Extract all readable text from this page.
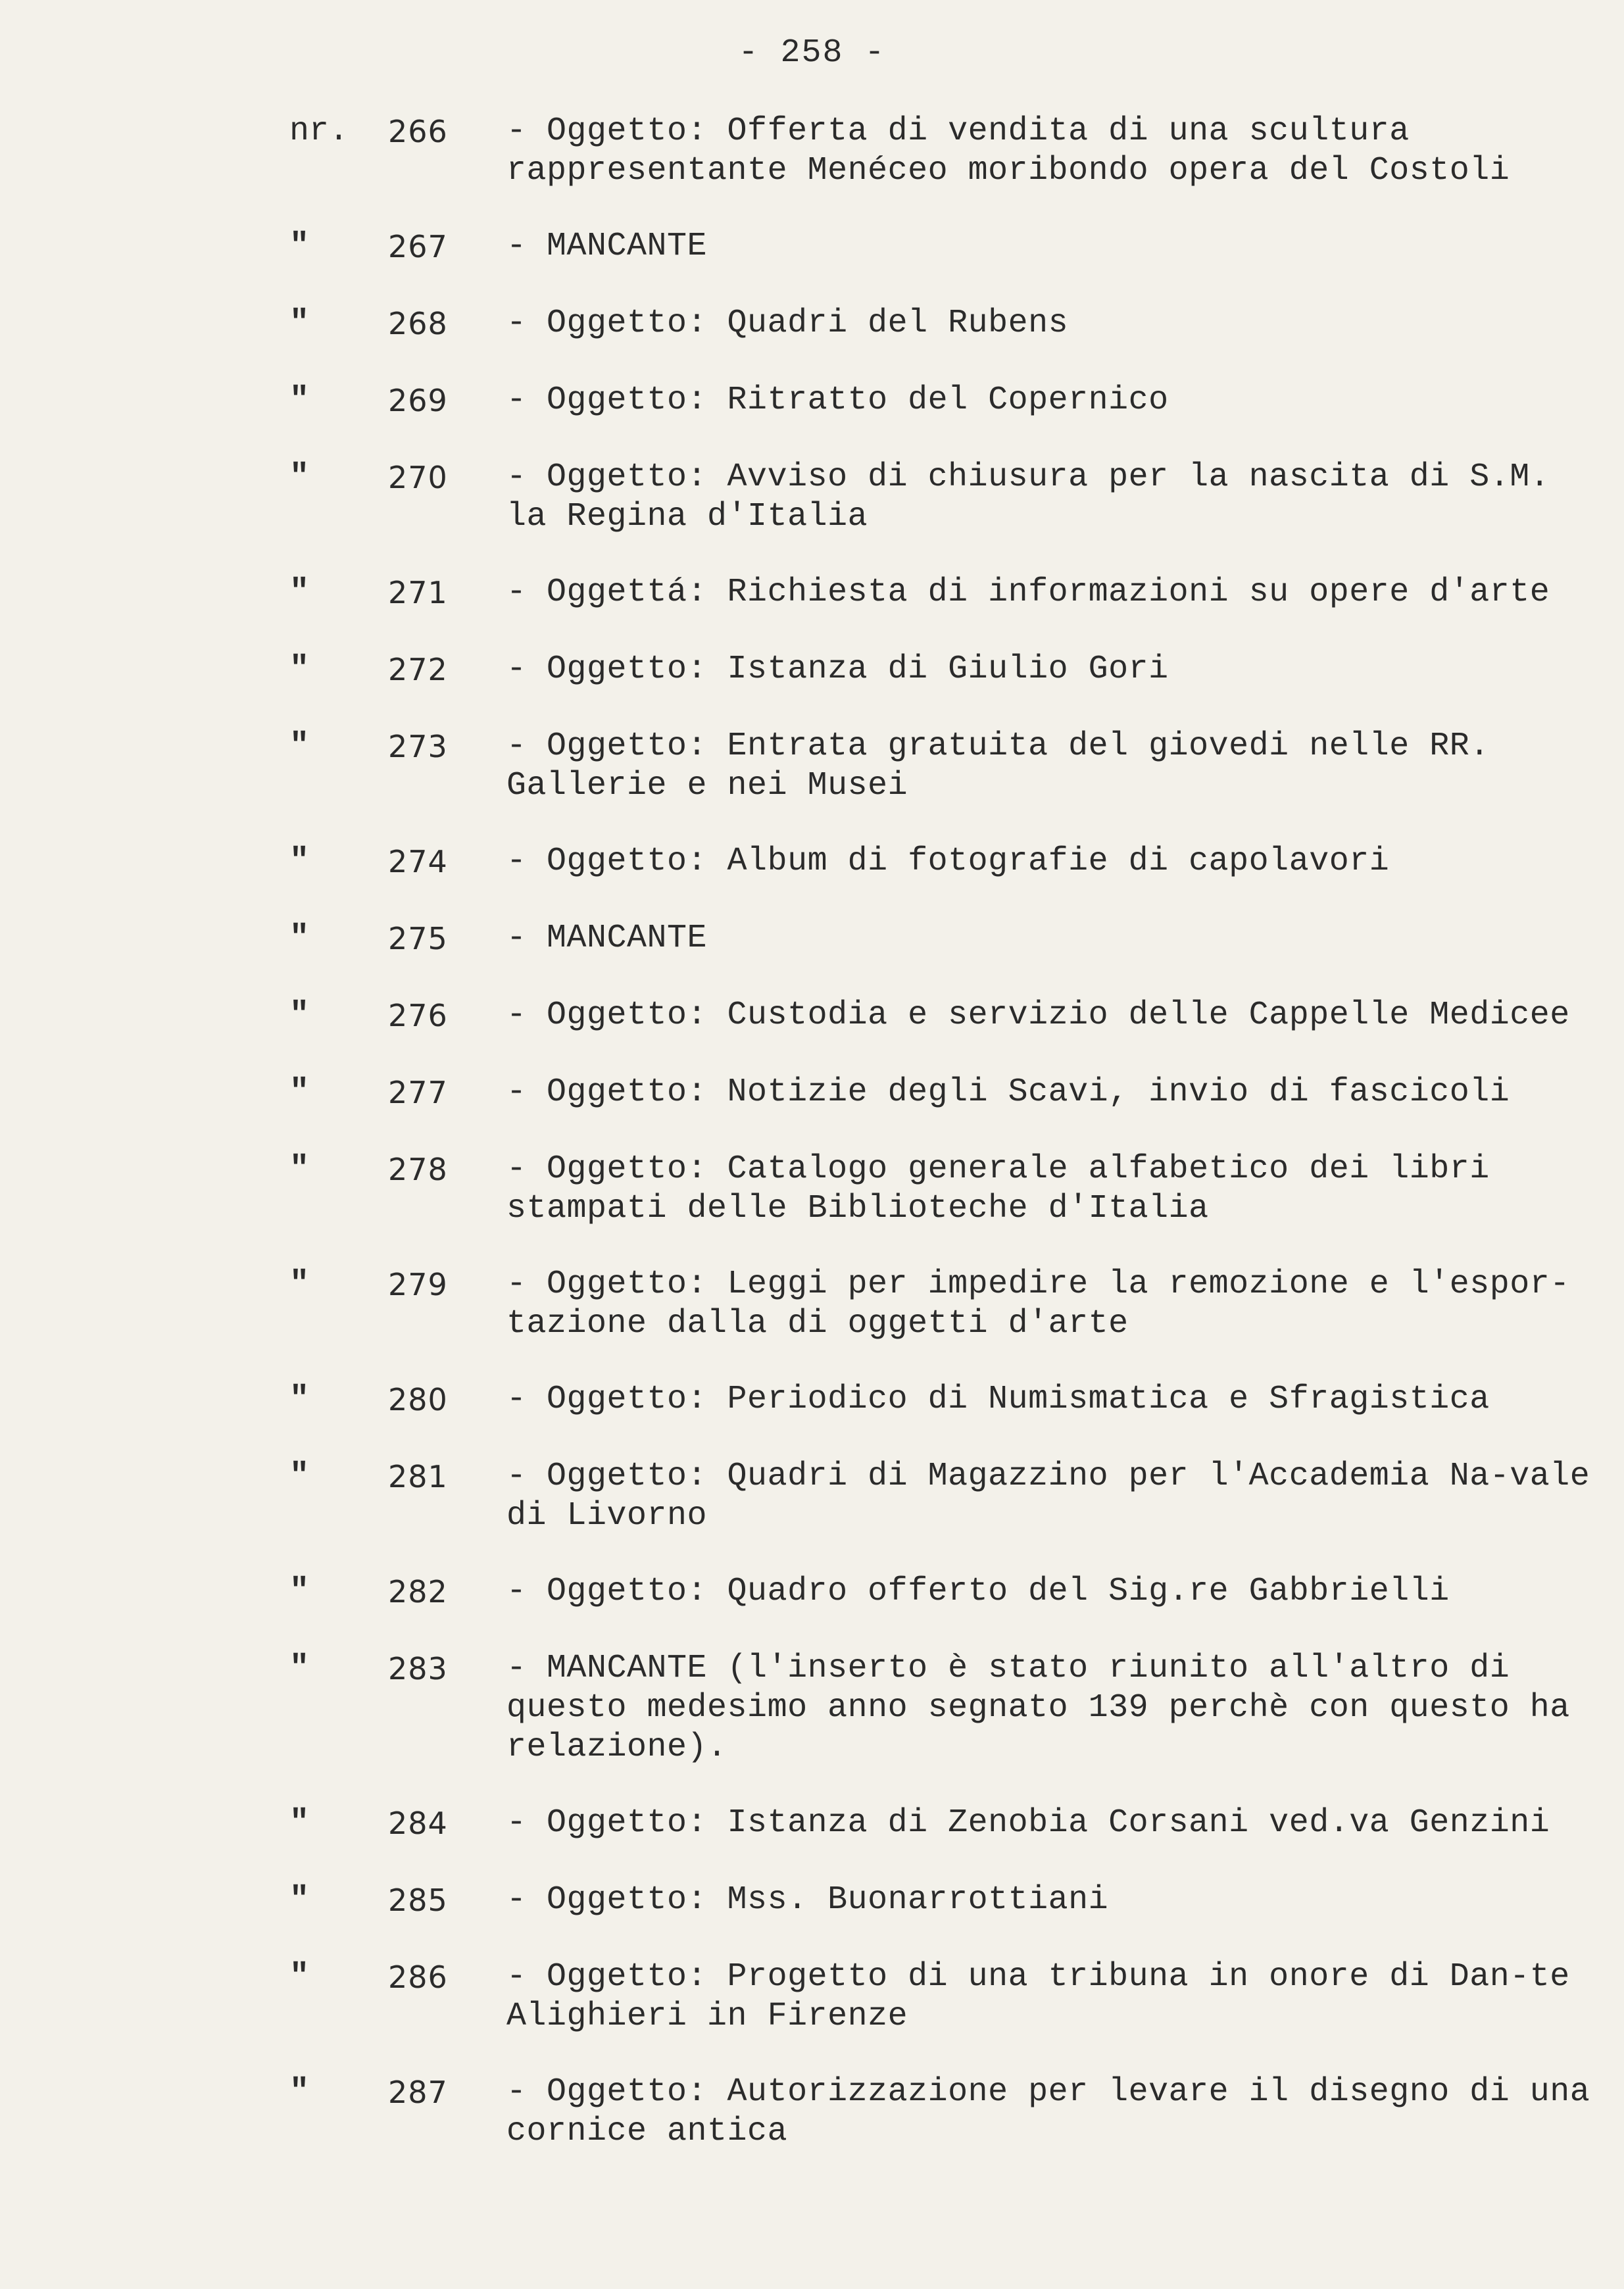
- 258 -
nr.	266	- Oggetto: Offerta di vendita di una scultura rappresentante Menéceo moribondo opera del Costoli
"	267	- MANCANTE
"	268	- Oggetto: Quadri del Rubens
"	269	- Oggetto: Ritratto del Copernico
"	270	- Oggetto: Avviso di chiusura per la nascita di S.M. la Regina d'Italia
"	271	- Oggettá: Richiesta di informazioni su opere d'arte
"	272	- Oggetto: Istanza di Giulio Gori
"	273	- Oggetto: Entrata gratuita del giovedi nelle RR. Gallerie e nei Musei
"	274	- Oggetto: Album di fotografie di capolavori
"	275	- MANCANTE
"	276	- Oggetto: Custodia e servizio delle Cappelle Medicee
"	277	- Oggetto: Notizie degli Scavi, invio di fascicoli
"	278	- Oggetto: Catalogo generale alfabetico dei libri stampati delle Biblioteche d'Italia
"	279	- Oggetto: Leggi per impedire la remozione e l'espor-tazione dalla di oggetti d'arte
"	280	- Oggetto: Periodico di Numismatica e Sfragistica
"	281	- Oggetto: Quadri di Magazzino per l'Accademia Na-vale di Livorno
"	282	- Oggetto: Quadro offerto del Sig.re Gabbrielli
"	283	- MANCANTE (l'inserto è stato riunito all'altro di questo medesimo anno segnato 139 perchè con questo ha relazione).
"	284	- Oggetto: Istanza di Zenobia Corsani ved.va Genzini
"	285	- Oggetto: Mss. Buonarrottiani
"	286	- Oggetto: Progetto di una tribuna in onore di Dan-te Alighieri in Firenze
"	287	- Oggetto: Autorizzazione per levare il disegno di una cornice antica
